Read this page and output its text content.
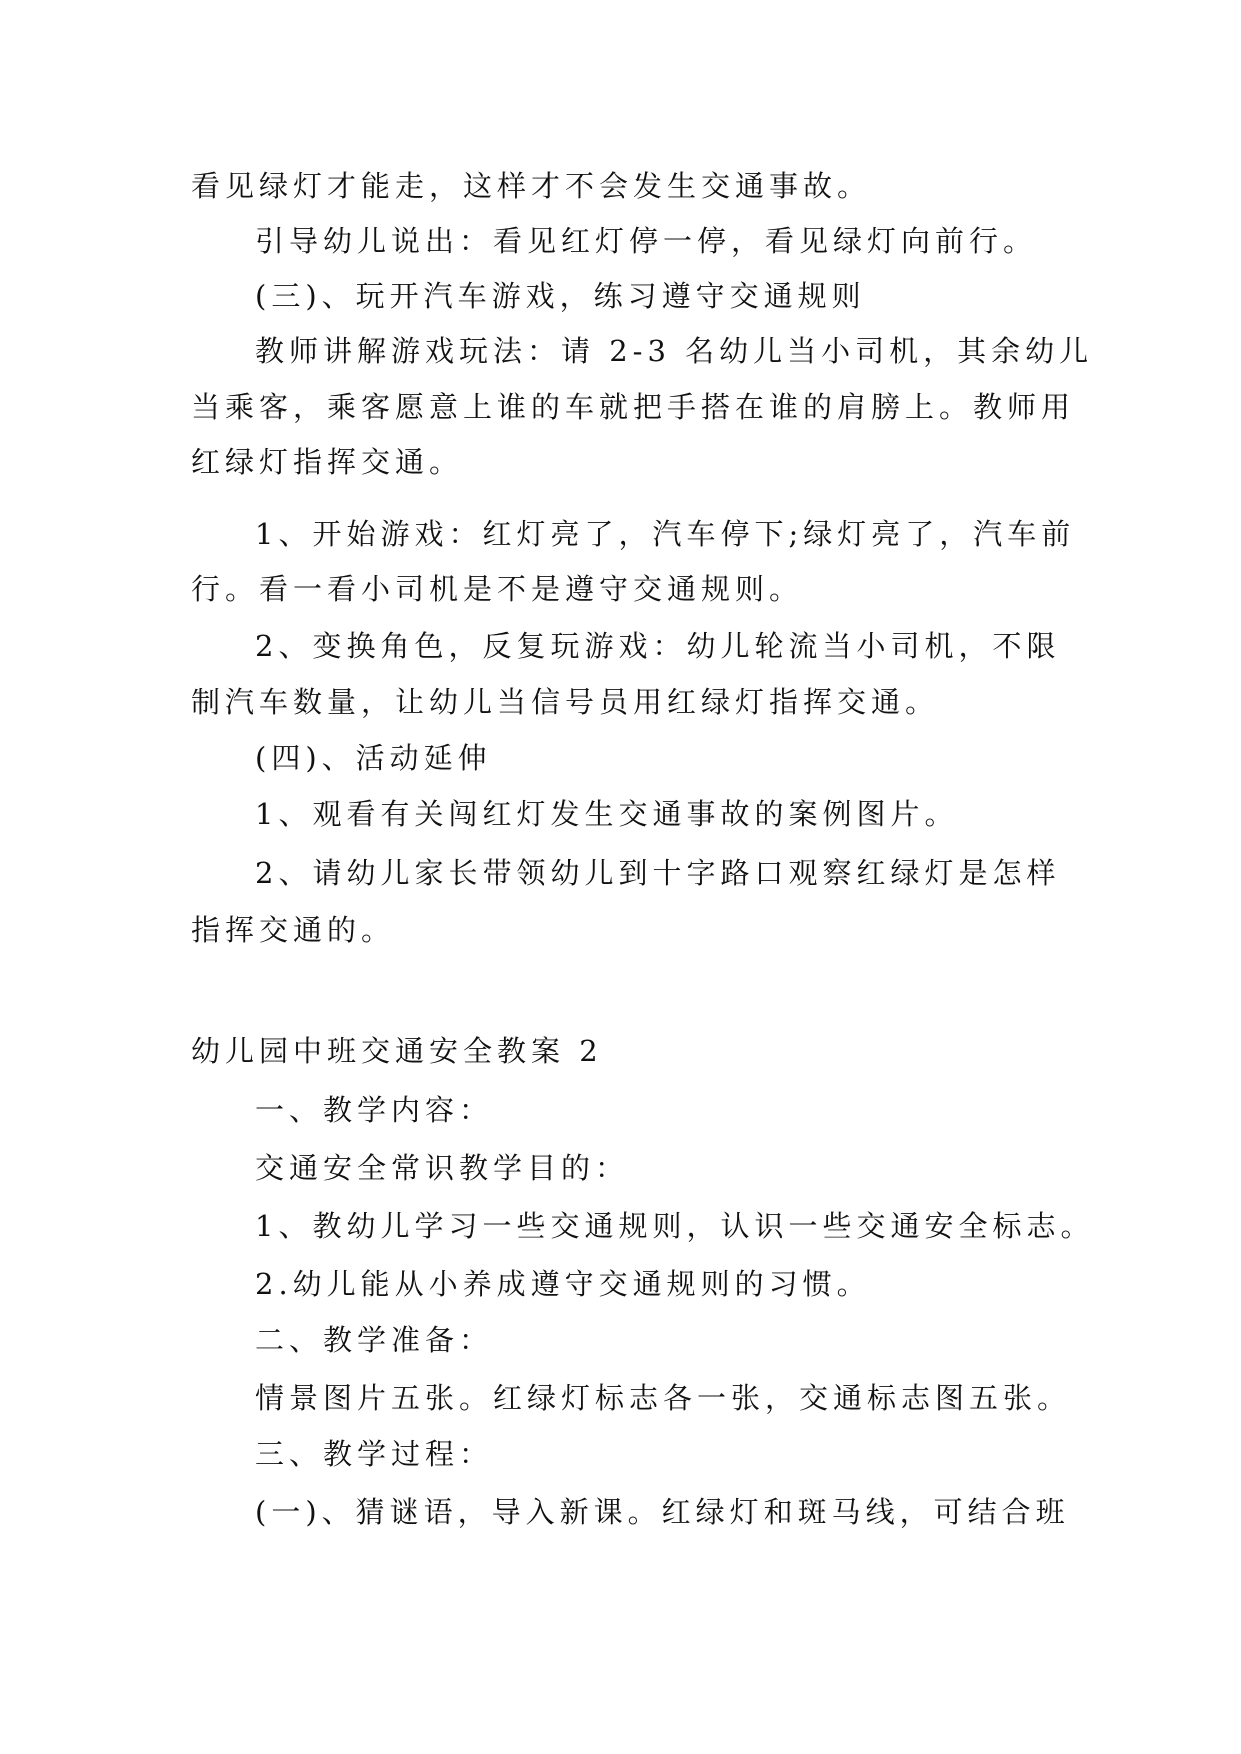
看见绿灯才能走，这样才不会发生交通事故。
引导幼儿说出：看见红灯停一停，看见绿灯向前行。
(三)、玩开汽车游戏，练习遵守交通规则
教师讲解游戏玩法：请 2-3 名幼儿当小司机，其余幼儿
当乘客，乘客愿意上谁的车就把手搭在谁的肩膀上。教师用
红绿灯指挥交通。
1、开始游戏：红灯亮了，汽车停下;绿灯亮了，汽车前
行。看一看小司机是不是遵守交通规则。
2、变换角色，反复玩游戏：幼儿轮流当小司机，不限
制汽车数量，让幼儿当信号员用红绿灯指挥交通。
(四)、活动延伸
1、观看有关闯红灯发生交通事故的案例图片。
2、请幼儿家长带领幼儿到十字路口观察红绿灯是怎样
指挥交通的。
幼儿园中班交通安全教案 2
一、教学内容：
交通安全常识教学目的：
1、教幼儿学习一些交通规则，认识一些交通安全标志。
2.幼儿能从小养成遵守交通规则的习惯。
二、教学准备：
情景图片五张。红绿灯标志各一张，交通标志图五张。
三、教学过程：
(一)、猜谜语，导入新课。红绿灯和斑马线，可结合班
